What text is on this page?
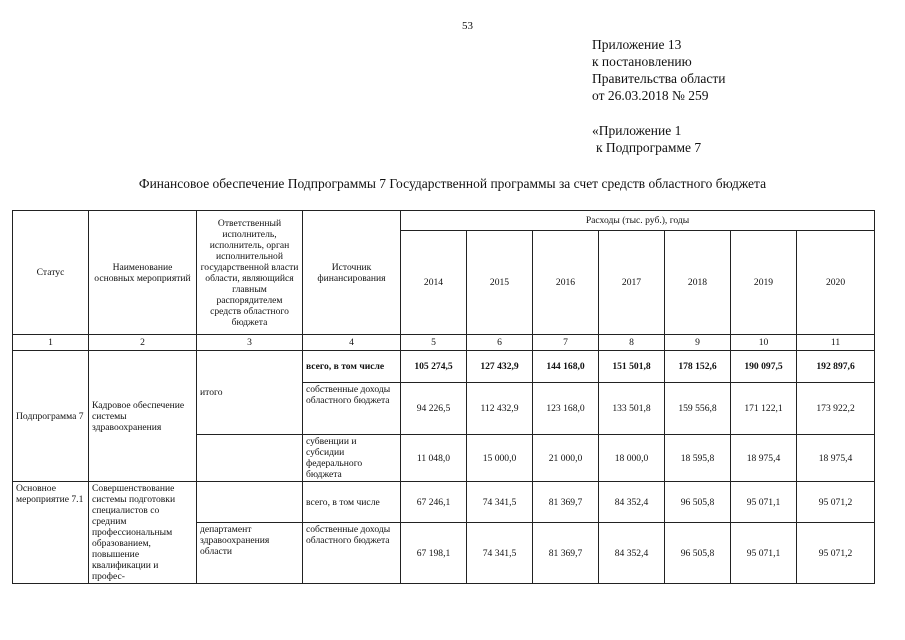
53
Приложение 13
к постановлению
Правительства области
от 26.03.2018 № 259
«Приложение 1
к Подпрограмме 7
Финансовое обеспечение Подпрограммы 7 Государственной программы за счет средств областного бюджета
Статус	Наименование основных мероприятий	Ответственный исполнитель, исполнитель, орган исполнительной государственной власти области, являющийся главным распорядителем средств областного бюджета	Источник финансирования	Расходы (тыс. руб.), годы						
				2014	2015	2016	2017	2018	2019	2020
1	2	3	4	5	6	7	8	9	10	11
Подпрограмма 7	Кадровое обеспечение системы здравоохранения	итого	всего, в том числе	105 274,5	127 432,9	144 168,0	151 501,8	178 152,6	190 097,5	192 897,6
			собственные доходы областного бюджета	94 226,5	112 432,9	123 168,0	133 501,8	159 556,8	171 122,1	173 922,2
			субвенции и субсидии федерального бюджета	11 048,0	15 000,0	21 000,0	18 000,0	18 595,8	18 975,4	18 975,4
Основное мероприятие 7.1	Совершенствование системы подготовки специалистов со средним профессиональным образованием, повышение квалификации и профес-		всего, в том числе	67 246,1	74 341,5	81 369,7	84 352,4	96 505,8	95 071,1	95 071,2
		департамент здравоохранения области	собственные доходы областного бюджета	67 198,1	74 341,5	81 369,7	84 352,4	96 505,8	95 071,1	95 071,2
